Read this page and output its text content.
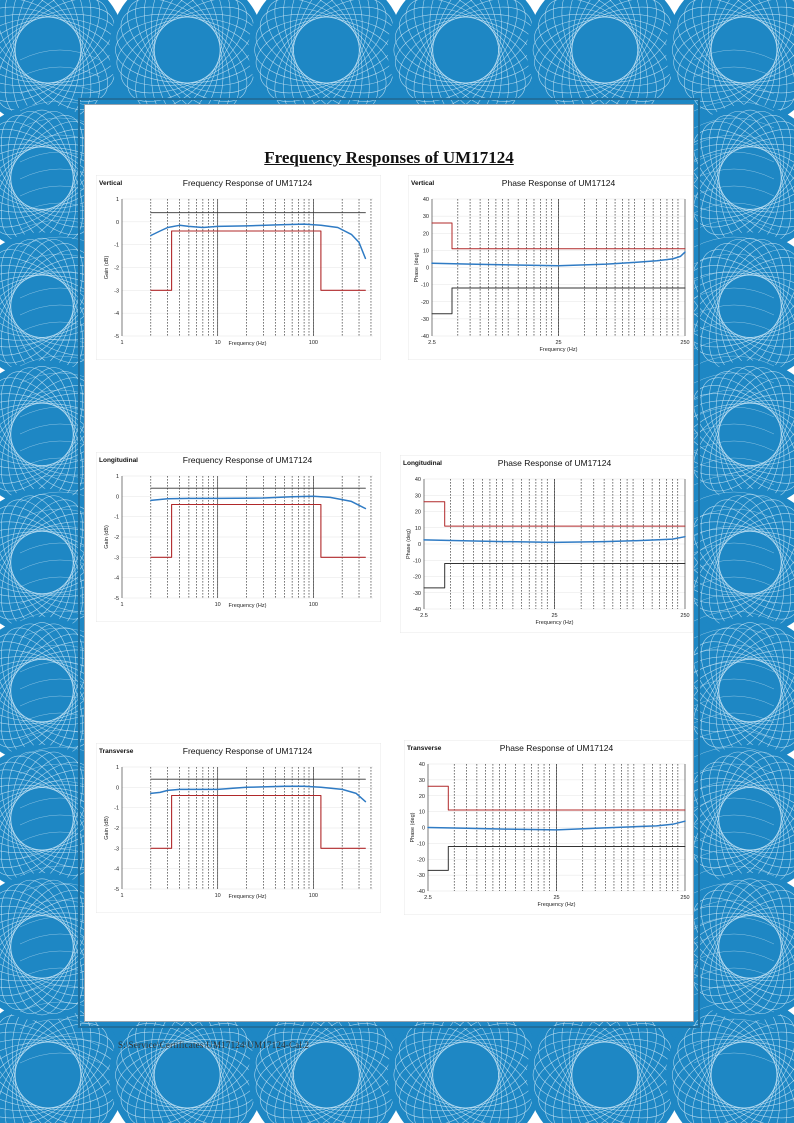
Frequency Responses of UM17124
Vertical	Frequency Response of UM17124
1
0
-1
-2
-3
-4
-5
1	10	100
Frequency (Hz)
Gain (dB)
Vertical	Phase Response of UM17124
40
30
20
10
0
-10
-20
-30
-40
2.5	25	250
Frequency (Hz)
Phase (deg)
Longitudinal	Frequency Response of UM17124
1
0
-1
-2
-3
-4
-5
1	10	100
Frequency (Hz)
Gain (dB)
Longitudinal	Phase Response of UM17124
40
30
20
10
0
-10
-20
-30
-40
2.5	25	250
Frequency (Hz)
Phase (deg)
Transverse	Frequency Response of UM17124
1
0
-1
-2
-3
-4
-5
1	10	100
Frequency (Hz)
Gain (dB)
Transverse	Phase Response of UM17124
40
30
20
10
0
-10
-20
-30
-40
2.5	25	250
Frequency (Hz)
Phase (deg)
S:\Service\Certificates\UM17124\UM17124-Cal.2
